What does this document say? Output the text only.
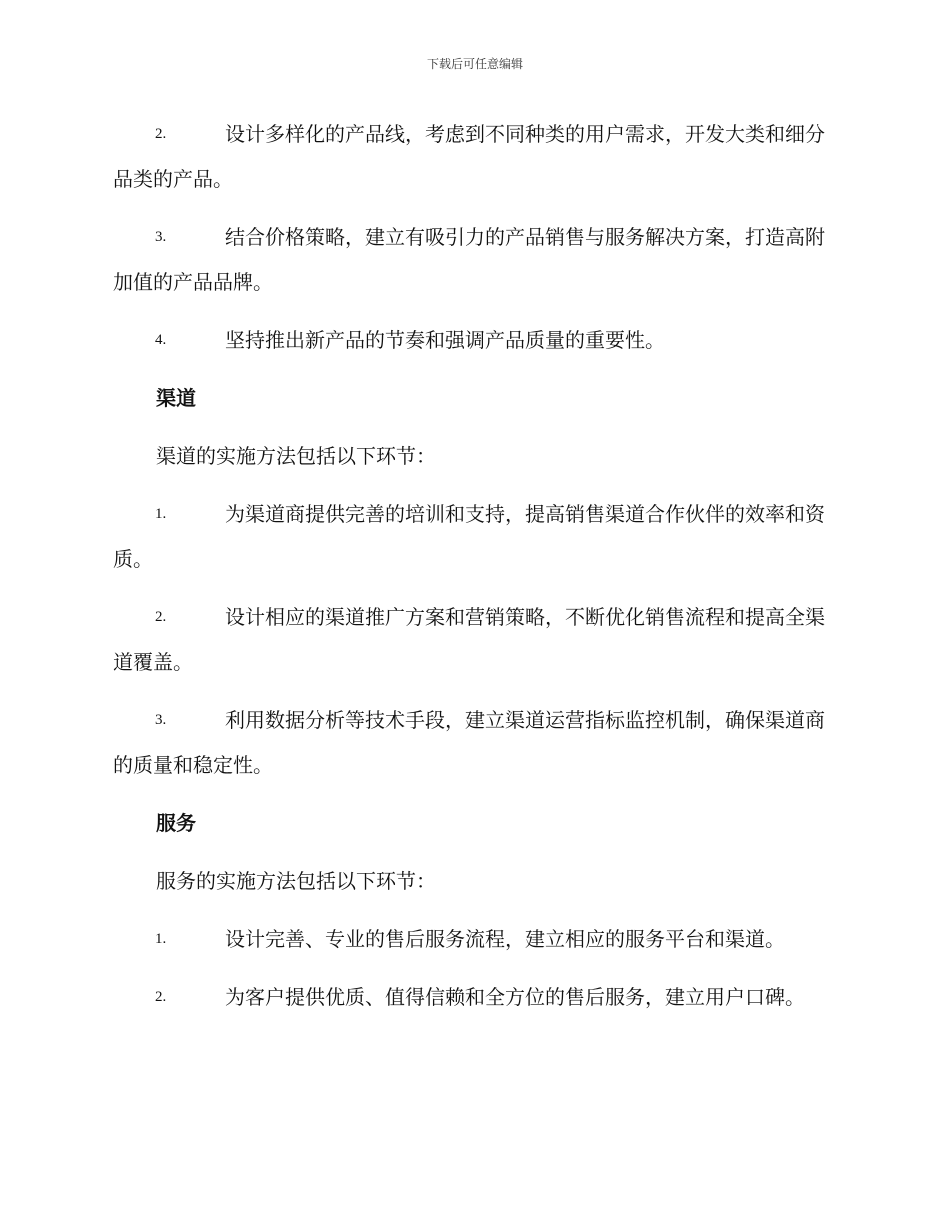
下载后可任意编辑
2.	设计多样化的产品线，考虑到不同种类的用户需求，开发大类和细分品类的产品。
3.	结合价格策略，建立有吸引力的产品销售与服务解决方案，打造高附加值的产品品牌。
4.	坚持推出新产品的节奏和强调产品质量的重要性。
渠道
渠道的实施方法包括以下环节：
1.	为渠道商提供完善的培训和支持，提高销售渠道合作伙伴的效率和资质。
2.	设计相应的渠道推广方案和营销策略，不断优化销售流程和提高全渠道覆盖。
3.	利用数据分析等技术手段，建立渠道运营指标监控机制，确保渠道商的质量和稳定性。
服务
服务的实施方法包括以下环节：
1.	设计完善、专业的售后服务流程，建立相应的服务平台和渠道。
2.	为客户提供优质、值得信赖和全方位的售后服务，建立用户口碑。
